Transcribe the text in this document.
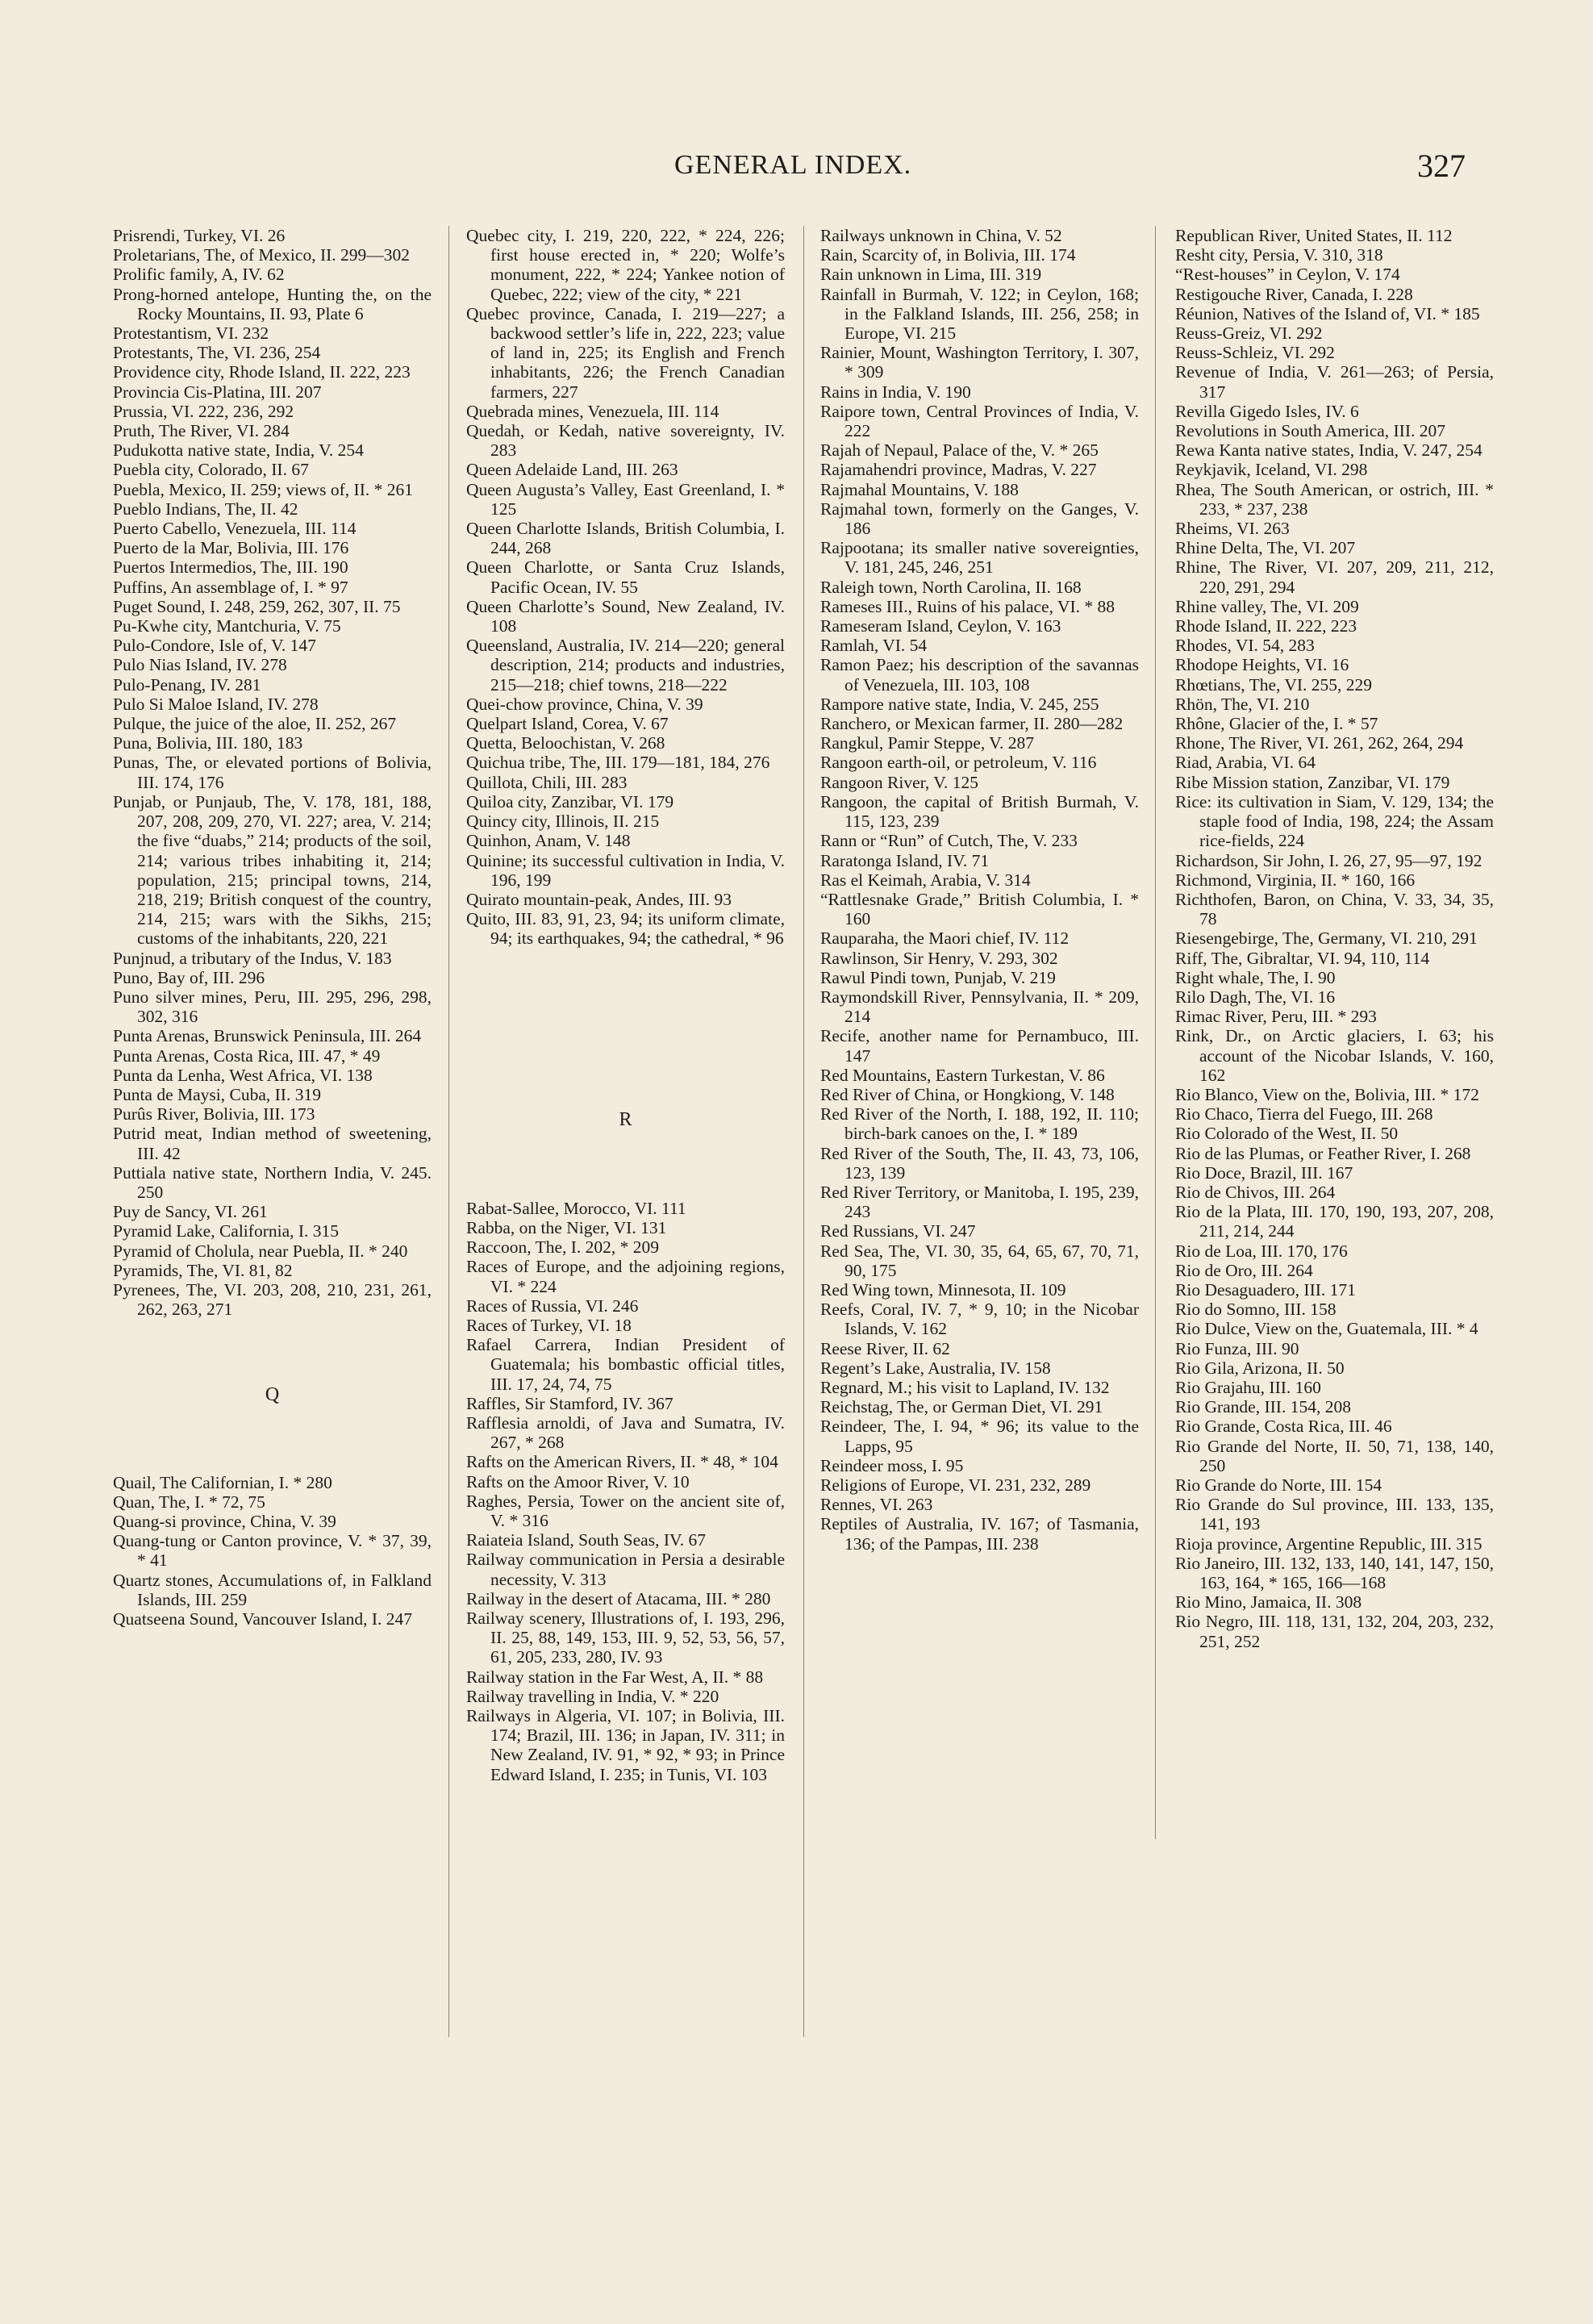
GENERAL INDEX.	327

Prisrendi, Turkey, VI. 26

Proletarians, The, of Mexico, II. 299—302

Prolific family, A, IV. 62

Prong-horned antelope, Hunting the, on the Rocky Mountains, II. 93, Plate 6

Protestantism, VI. 232

Protestants, The, VI. 236, 254

Providence city, Rhode Island, II. 222, 223

Provincia Cis-Platina, III. 207

Prussia, VI. 222, 236, 292

Pruth, The River, VI. 284

Pudukotta native state, India, V. 254

Puebla city, Colorado, II. 67

Puebla, Mexico, II. 259; views of, II. * 261

Pueblo Indians, The, II. 42

Puerto Cabello, Venezuela, III. 114

Puerto de la Mar, Bolivia, III. 176

Puertos Intermedios, The, III. 190

Puffins, An assemblage of, I. * 97

Puget Sound, I. 248, 259, 262, 307, II. 75

Pu-Kwhe city, Mantchuria, V. 75

Pulo-Condore, Isle of, V. 147

Pulo Nias Island, IV. 278

Pulo-Penang, IV. 281

Pulo Si Maloe Island, IV. 278

Pulque, the juice of the aloe, II. 252, 267

Puna, Bolivia, III. 180, 183

Punas, The, or elevated portions of Bolivia, III. 174, 176

Punjab, or Punjaub, The, V. 178, 181, 188, 207, 208, 209, 270, VI. 227; area, V. 214; the five “duabs,” 214; products of the soil, 214; various tribes inhabiting it, 214; population, 215; principal towns, 214, 218, 219; British conquest of the country, 214, 215; wars with the Sikhs, 215; customs of the inhabitants, 220, 221

Punjnud, a tributary of the Indus, V. 183

Puno, Bay of, III. 296

Puno silver mines, Peru, III. 295, 296, 298, 302, 316

Punta Arenas, Brunswick Peninsula, III. 264

Punta Arenas, Costa Rica, III. 47, * 49

Punta da Lenha, West Africa, VI. 138

Punta de Maysi, Cuba, II. 319

Purûs River, Bolivia, III. 173

Putrid meat, Indian method of sweetening, III. 42

Puttiala native state, Northern India, V. 245. 250

Puy de Sancy, VI. 261

Pyramid Lake, California, I. 315

Pyramid of Cholula, near Puebla, II. * 240

Pyramids, The, VI. 81, 82

Pyrenees, The, VI. 203, 208, 210, 231, 261, 262, 263, 271

Q

Quail, The Californian, I. * 280

Quan, The, I. * 72, 75

Quang-si province, China, V. 39

Quang-tung or Canton province, V. * 37, 39, * 41

Quartz stones, Accumulations of, in Falkland Islands, III. 259

Quatseena Sound, Vancouver Island, I. 247

Quebec city, I. 219, 220, 222, * 224, 226; first house erected in, * 220; Wolfe’s monument, 222, * 224; Yankee notion of Quebec, 222; view of the city, * 221

Quebec province, Canada, I. 219—227; a backwood settler’s life in, 222, 223; value of land in, 225; its English and French inhabitants, 226; the French Canadian farmers, 227

Quebrada mines, Venezuela, III. 114

Quedah, or Kedah, native sovereignty, IV. 283

Queen Adelaide Land, III. 263

Queen Augusta’s Valley, East Greenland, I. * 125

Queen Charlotte Islands, British Columbia, I. 244, 268

Queen Charlotte, or Santa Cruz Islands, Pacific Ocean, IV. 55

Queen Charlotte’s Sound, New Zealand, IV. 108

Queensland, Australia, IV. 214—220; general description, 214; products and industries, 215—218; chief towns, 218—222

Quei-chow province, China, V. 39

Quelpart Island, Corea, V. 67

Quetta, Beloochistan, V. 268

Quichua tribe, The, III. 179—181, 184, 276

Quillota, Chili, III. 283

Quiloa city, Zanzibar, VI. 179

Quincy city, Illinois, II. 215

Quinhon, Anam, V. 148

Quinine; its successful cultivation in India, V. 196, 199

Quirato mountain-peak, Andes, III. 93

Quito, III. 83, 91, 23, 94; its uniform climate, 94; its earthquakes, 94; the cathedral, * 96

R

Rabat-Sallee, Morocco, VI. 111

Rabba, on the Niger, VI. 131

Raccoon, The, I. 202, * 209

Races of Europe, and the adjoining regions, VI. * 224

Races of Russia, VI. 246

Races of Turkey, VI. 18

Rafael Carrera, Indian President of Guatemala; his bombastic official titles, III. 17, 24, 74, 75

Raffles, Sir Stamford, IV. 367

Rafflesia arnoldi, of Java and Sumatra, IV. 267, * 268

Rafts on the American Rivers, II. * 48, * 104

Rafts on the Amoor River, V. 10

Raghes, Persia, Tower on the ancient site of, V. * 316

Raiateia Island, South Seas, IV. 67

Railway communication in Persia a desirable necessity, V. 313

Railway in the desert of Atacama, III. * 280

Railway scenery, Illustrations of, I. 193, 296, II. 25, 88, 149, 153, III. 9, 52, 53, 56, 57, 61, 205, 233, 280, IV. 93

Railway station in the Far West, A, II. * 88

Railway travelling in India, V. * 220

Railways in Algeria, VI. 107; in Bolivia, III. 174; Brazil, III. 136; in Japan, IV. 311; in New Zealand, IV. 91, * 92, * 93; in Prince Edward Island, I. 235; in Tunis, VI. 103

Railways unknown in China, V. 52

Rain, Scarcity of, in Bolivia, III. 174

Rain unknown in Lima, III. 319

Rainfall in Burmah, V. 122; in Ceylon, 168; in the Falkland Islands, III. 256, 258; in Europe, VI. 215

Rainier, Mount, Washington Territory, I. 307, * 309

Rains in India, V. 190

Raipore town, Central Provinces of India, V. 222

Rajah of Nepaul, Palace of the, V. * 265

Rajamahendri province, Madras, V. 227

Rajmahal Mountains, V. 188

Rajmahal town, formerly on the Ganges, V. 186

Rajpootana; its smaller native sovereignties, V. 181, 245, 246, 251

Raleigh town, North Carolina, II. 168

Rameses III., Ruins of his palace, VI. * 88

Rameseram Island, Ceylon, V. 163

Ramlah, VI. 54

Ramon Paez; his description of the savannas of Venezuela, III. 103, 108

Rampore native state, India, V. 245, 255

Ranchero, or Mexican farmer, II. 280—282

Rangkul, Pamir Steppe, V. 287

Rangoon earth-oil, or petroleum, V. 116

Rangoon River, V. 125

Rangoon, the capital of British Burmah, V. 115, 123, 239

Rann or “Run” of Cutch, The, V. 233

Raratonga Island, IV. 71

Ras el Keimah, Arabia, V. 314

“Rattlesnake Grade,” British Columbia, I. * 160

Rauparaha, the Maori chief, IV. 112

Rawlinson, Sir Henry, V. 293, 302

Rawul Pindi town, Punjab, V. 219

Raymondskill River, Pennsylvania, II. * 209, 214

Recife, another name for Pernambuco, III. 147

Red Mountains, Eastern Turkestan, V. 86

Red River of China, or Hongkiong, V. 148

Red River of the North, I. 188, 192, II. 110; birch-bark canoes on the, I. * 189

Red River of the South, The, II. 43, 73, 106, 123, 139

Red River Territory, or Manitoba, I. 195, 239, 243

Red Russians, VI. 247

Red Sea, The, VI. 30, 35, 64, 65, 67, 70, 71, 90, 175

Red Wing town, Minnesota, II. 109

Reefs, Coral, IV. 7, * 9, 10; in the Nicobar Islands, V. 162

Reese River, II. 62

Regent’s Lake, Australia, IV. 158

Regnard, M.; his visit to Lapland, IV. 132

Reichstag, The, or German Diet, VI. 291

Reindeer, The, I. 94, * 96; its value to the Lapps, 95

Reindeer moss, I. 95

Religions of Europe, VI. 231, 232, 289

Rennes, VI. 263

Reptiles of Australia, IV. 167; of Tasmania, 136; of the Pampas, III. 238

Republican River, United States, II. 112

Resht city, Persia, V. 310, 318

“Rest-houses” in Ceylon, V. 174

Restigouche River, Canada, I. 228

Réunion, Natives of the Island of, VI. * 185

Reuss-Greiz, VI. 292

Reuss-Schleiz, VI. 292

Revenue of India, V. 261—263; of Persia, 317

Revilla Gigedo Isles, IV. 6

Revolutions in South America, III. 207

Rewa Kanta native states, India, V. 247, 254

Reykjavik, Iceland, VI. 298

Rhea, The South American, or ostrich, III. * 233, * 237, 238

Rheims, VI. 263

Rhine Delta, The, VI. 207

Rhine, The River, VI. 207, 209, 211, 212, 220, 291, 294

Rhine valley, The, VI. 209

Rhode Island, II. 222, 223

Rhodes, VI. 54, 283

Rhodope Heights, VI. 16

Rhœtians, The, VI. 255, 229

Rhön, The, VI. 210

Rhône, Glacier of the, I. * 57

Rhone, The River, VI. 261, 262, 264, 294

Riad, Arabia, VI. 64

Ribe Mission station, Zanzibar, VI. 179

Rice: its cultivation in Siam, V. 129, 134; the staple food of India, 198, 224; the Assam rice-fields, 224

Richardson, Sir John, I. 26, 27, 95—97, 192

Richmond, Virginia, II. * 160, 166

Richthofen, Baron, on China, V. 33, 34, 35, 78

Riesengebirge, The, Germany, VI. 210, 291

Riff, The, Gibraltar, VI. 94, 110, 114

Right whale, The, I. 90

Rilo Dagh, The, VI. 16

Rimac River, Peru, III. * 293

Rink, Dr., on Arctic glaciers, I. 63; his account of the Nicobar Islands, V. 160, 162

Rio Blanco, View on the, Bolivia, III. * 172

Rio Chaco, Tierra del Fuego, III. 268

Rio Colorado of the West, II. 50

Rio de las Plumas, or Feather River, I. 268

Rio Doce, Brazil, III. 167

Rio de Chivos, III. 264

Rio de la Plata, III. 170, 190, 193, 207, 208, 211, 214, 244

Rio de Loa, III. 170, 176

Rio de Oro, III. 264

Rio Desaguadero, III. 171

Rio do Somno, III. 158

Rio Dulce, View on the, Guatemala, III. * 4

Rio Funza, III. 90

Rio Gila, Arizona, II. 50

Rio Grajahu, III. 160

Rio Grande, III. 154, 208

Rio Grande, Costa Rica, III. 46

Rio Grande del Norte, II. 50, 71, 138, 140, 250

Rio Grande do Norte, III. 154

Rio Grande do Sul province, III. 133, 135, 141, 193

Rioja province, Argentine Republic, III. 315

Rio Janeiro, III. 132, 133, 140, 141, 147, 150, 163, 164, * 165, 166—168

Rio Mino, Jamaica, II. 308

Rio Negro, III. 118, 131, 132, 204, 203, 232, 251, 252
